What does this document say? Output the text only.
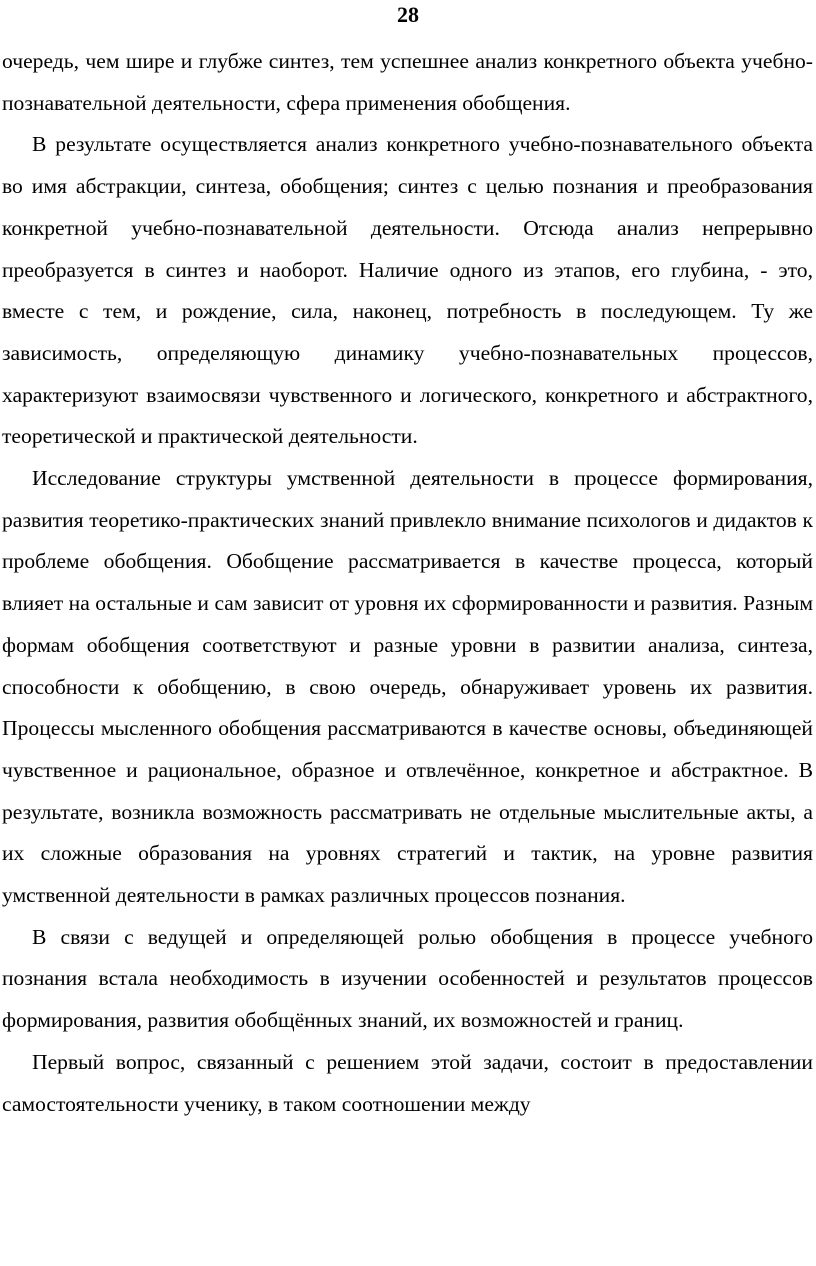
28

очередь, чем шире и глубже синтез, тем успешнее анализ конкретного объекта учебно-познавательной деятельности, сфера применения обобщения.

В результате осуществляется анализ конкретного учебно-познавательного объекта во имя абстракции, синтеза, обобщения; синтез с целью познания и преобразования конкретной учебно-познавательной деятельности. Отсюда анализ непрерывно преобразуется в синтез и наоборот. Наличие одного из этапов, его глубина, - это, вместе с тем, и рождение, сила, наконец, потребность в последующем. Ту же зависимость, определяющую динамику учебно-познавательных процессов, характеризуют взаимосвязи чувственного и логического, конкретного и абстрактного, теоретической и практической деятельности.

Исследование структуры умственной деятельности в процессе формирования, развития теоретико-практических знаний привлекло внимание психологов и дидактов к проблеме обобщения. Обобщение рассматривается в качестве процесса, который влияет на остальные и сам зависит от уровня их сформированности и развития. Разным формам обобщения соответствуют и разные уровни в развитии анализа, синтеза, способности к обобщению, в свою очередь, обнаруживает уровень их развития. Процессы мысленного обобщения рассматриваются в качестве основы, объединяющей чувственное и рациональное, образное и отвлечённое, конкретное и абстрактное. В результате, возникла возможность рассматривать не отдельные мыслительные акты, а их сложные образования на уровнях стратегий и тактик, на уровне развития умственной деятельности в рамках различных процессов познания.

В связи с ведущей и определяющей ролью обобщения в процессе учебного познания встала необходимость в изучении особенностей и результатов процессов формирования, развития обобщённых знаний, их возможностей и границ.

Первый вопрос, связанный с решением этой задачи, состоит в предоставлении самостоятельности ученику, в таком соотношении между
